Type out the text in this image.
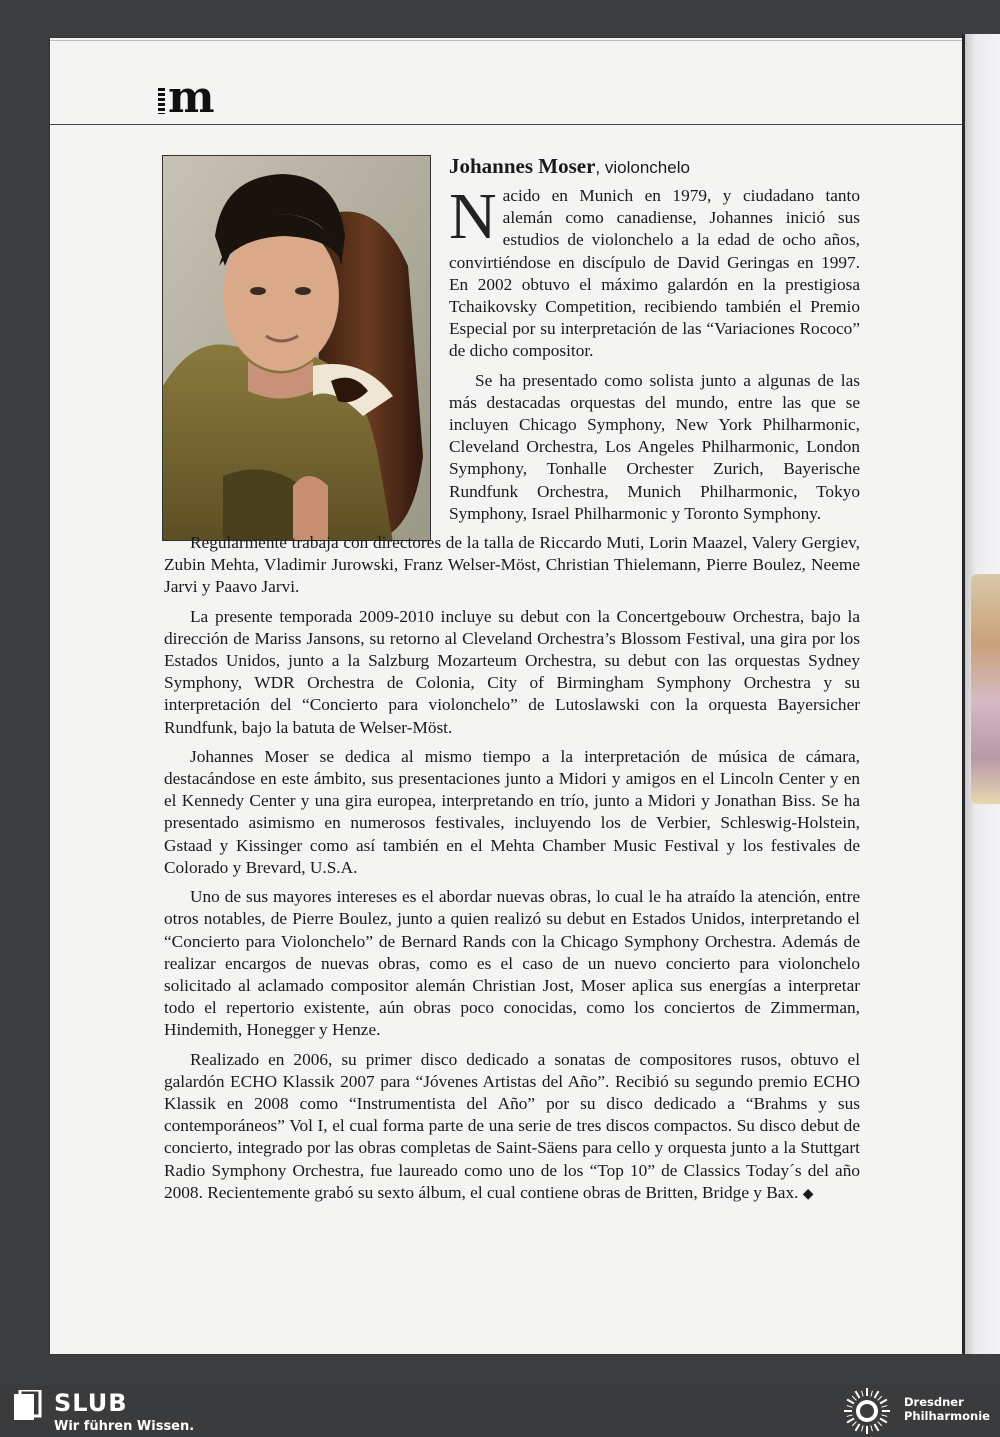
m
Johannes Moser, violonchelo

Nacido en Munich en 1979, y ciudadano tanto alemán como canadiense, Johannes inició sus estudios de violonchelo a la edad de ocho años, convirtiéndose en discípulo de David Geringas en 1997. En 2002 obtuvo el máximo galardón en la prestigiosa Tchaikovsky Competition, recibiendo también el Premio Especial por su interpretación de las “Variaciones Rococo” de dicho compositor.

Se ha presentado como solista junto a algunas de las más destacadas orquestas del mundo, entre las que se incluyen Chicago Symphony, New York Philharmonic, Cleveland Orchestra, Los Angeles Philharmonic, London Symphony, Tonhalle Orchester Zurich, Bayerische Rundfunk Orchestra, Munich Philharmonic, Tokyo Symphony, Israel Philharmonic y Toronto Symphony.

Regularmente trabaja con directores de la talla de Riccardo Muti, Lorin Maazel, Valery Gergiev, Zubin Mehta, Vladimir Jurowski, Franz Welser-Möst, Christian Thielemann, Pierre Boulez, Neeme Jarvi y Paavo Jarvi.

La presente temporada 2009-2010 incluye su debut con la Concertgebouw Orchestra, bajo la dirección de Mariss Jansons, su retorno al Cleveland Orchestra’s Blossom Festival, una gira por los Estados Unidos, junto a la Salzburg Mozarteum Orchestra, su debut con las orquestas Sydney Symphony, WDR Orchestra de Colonia, City of Birmingham Symphony Orchestra y su interpretación del “Concierto para violonchelo” de Lutoslawski con la orquesta Bayersicher Rundfunk, bajo la batuta de Welser-Möst.

Johannes Moser se dedica al mismo tiempo a la interpretación de música de cámara, destacándose en este ámbito, sus presentaciones junto a Midori y amigos en el Lincoln Center y en el Kennedy Center y una gira europea, interpretando en trío, junto a Midori y Jonathan Biss. Se ha presentado asimismo en numerosos festivales, incluyendo los de Verbier, Schleswig-Holstein, Gstaad y Kissinger como así también en el Mehta Chamber Music Festival y los festivales de Colorado y Brevard, U.S.A.

Uno de sus mayores intereses es el abordar nuevas obras, lo cual le ha atraído la atención, entre otros notables, de Pierre Boulez, junto a quien realizó su debut en Estados Unidos, interpretando el “Concierto para Violonchelo” de Bernard Rands con la Chicago Symphony Orchestra. Además de realizar encargos de nuevas obras, como es el caso de un nuevo concierto para violonchelo solicitado al aclamado compositor alemán Christian Jost, Moser aplica sus energías a interpretar todo el repertorio existente, aún obras poco conocidas, como los conciertos de Zimmerman, Hindemith, Honegger y Henze.

Realizado en 2006, su primer disco dedicado a sonatas de compositores rusos, obtuvo el galardón ECHO Klassik 2007 para “Jóvenes Artistas del Año”. Recibió su segundo premio ECHO Klassik en 2008 como “Instrumentista del Año” por su disco dedicado a “Brahms y sus contemporáneos” Vol I, el cual forma parte de una serie de tres discos compactos. Su disco debut de concierto, integrado por las obras completas de Saint-Säens para cello y orquesta junto a la Stuttgart Radio Symphony Orchestra, fue laureado como uno de los “Top 10” de Classics Today´s del año 2008. Recientemente grabó su sexto álbum, el cual contiene obras de Britten, Bridge y Bax. ◆

SLUB
Wir führen Wissen.
Dresdner
Philharmonie
